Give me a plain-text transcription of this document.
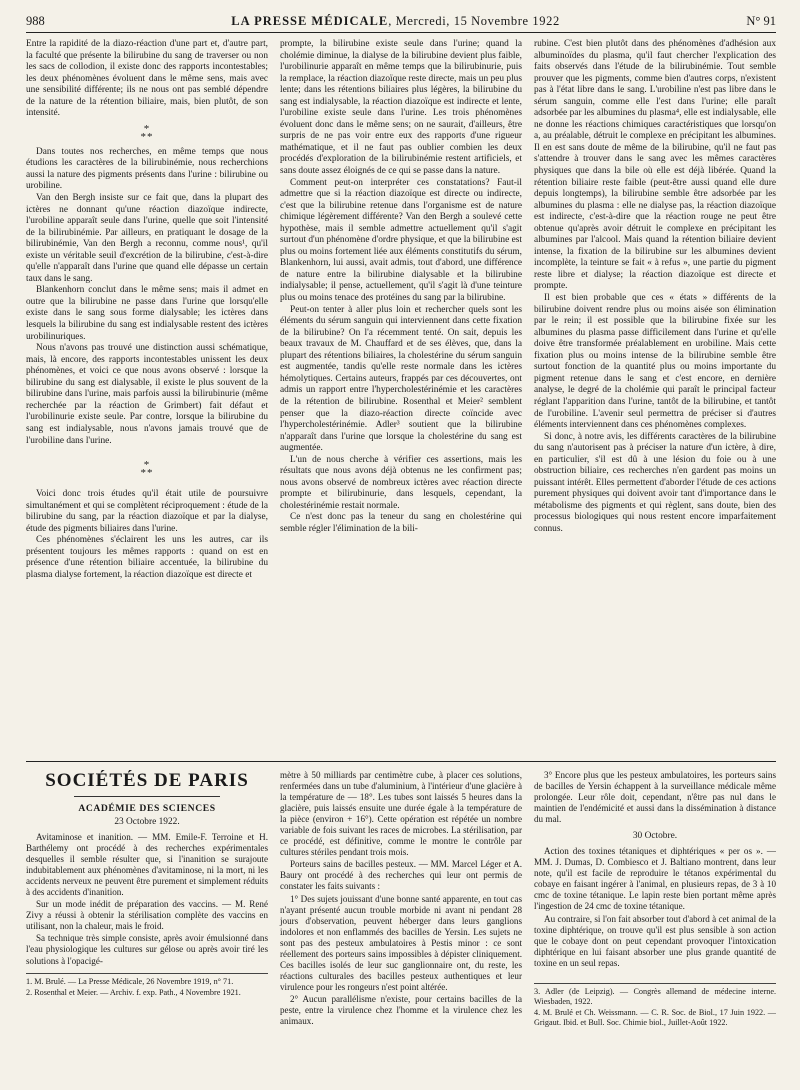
988	LA PRESSE MÉDICALE, Mercredi, 15 Novembre 1922	N° 91

Entre la rapidité de la diazo-réaction d'une part et, d'autre part, la faculté que présente la bilirubine du sang de traverser ou non les sacs de collodion, il existe donc des rapports incontestables; les deux phénomènes évoluent dans le même sens, mais avec une sensibilité différente; ils ne nous ont pas semblé dépendre de la nature de la rétention biliaire, mais, bien plutôt, de son intensité.

*
**

Dans toutes nos recherches, en même temps que nous étudions les caractères de la bilirubinémie, nous recherchions aussi la nature des pigments présents dans l'urine : bilirubine ou urobiline.

Van den Bergh insiste sur ce fait que, dans la plupart des ictères ne donnant qu'une réaction diazoïque indirecte, l'urobiline apparaît seule dans l'urine, quelle que soit l'intensité de la bilirubinémie. Par ailleurs, en pratiquant le dosage de la bilirubinémie, Van den Bergh a reconnu, comme nous¹, qu'il existe un véritable seuil d'excrétion de la bilirubine, c'est-à-dire qu'elle n'apparaît dans l'urine que quand elle dépasse un certain taux dans le sang.

Blankenhorn conclut dans le même sens; mais il admet en outre que la bilirubine ne passe dans l'urine que lorsqu'elle existe dans le sang sous forme dialysable; les ictères dans lesquels la bilirubine du sang est indialysable restent des ictères urobilinuriques.

Nous n'avons pas trouvé une distinction aussi schématique, mais, là encore, des rapports incontestables unissent les deux phénomènes, et voici ce que nous avons observé : lorsque la bilirubine du sang est dialysable, il existe le plus souvent de la bilirubine dans l'urine, mais parfois aussi la bilirubinurie (même recherchée par la réaction de Grimbert) fait défaut et l'urobilinurie existe seule. Par contre, lorsque la bilirubine du sang est indialysable, nous n'avons jamais trouvé que de l'urobiline dans l'urine.

*
**

Voici donc trois études qu'il était utile de poursuivre simultanément et qui se complètent réciproquement : étude de la bilirubine du sang, par la réaction diazoïque et par la dialyse, étude des pigments biliaires dans l'urine.

Ces phénomènes s'éclairent les uns les autres, car ils présentent toujours les mêmes rapports : quand on est en présence d'une rétention biliaire accentuée, la bilirubine du plasma dialyse fortement, la réaction diazoïque est directe et

prompte, la bilirubine existe seule dans l'urine; quand la cholémie diminue, la dialyse de la bilirubine devient plus faible, l'urobilinurie apparaît en même temps que la bilirubinurie, puis la remplace, la réaction diazoïque reste directe, mais un peu plus lente; dans les rétentions biliaires plus légères, la bilirubine du sang est indialysable, la réaction diazoïque est indirecte et lente, l'urobiline existe seule dans l'urine. Les trois phénomènes évoluent donc dans le même sens; on ne saurait, d'ailleurs, être surpris de ne pas voir entre eux des rapports d'une rigueur mathématique, et il ne faut pas oublier combien les deux procédés d'exploration de la bilirubinémie restent artificiels, et sans doute assez éloignés de ce qui se passe dans la nature.

Comment peut-on interpréter ces constatations? Faut-il admettre que si la réaction diazoïque est directe ou indirecte, c'est que la bilirubine retenue dans l'organisme est de nature chimique légèrement différente? Van den Bergh a soulevé cette hypothèse, mais il semble admettre actuellement qu'il s'agit surtout d'un phénomène d'ordre physique, et que la bilirubine est plus ou moins fortement liée aux éléments constitutifs du sérum, Blankenhorn, lui aussi, avait admis, tout d'abord, une différence de nature entre la bilirubine dialysable et la bilirubine indialysable; il pense, actuellement, qu'il s'agit là d'une teinture plus ou moins tenace des protéines du sang par la bilirubine.

Peut-on tenter à aller plus loin et rechercher quels sont les éléments du sérum sanguin qui interviennent dans cette fixation de la bilirubine? On l'a récemment tenté. On sait, depuis les beaux travaux de M. Chauffard et de ses élèves, que, dans la plupart des rétentions biliaires, la cholestérine du sérum sanguin est augmentée, tandis qu'elle reste normale dans les ictères hémolytiques. Certains auteurs, frappés par ces découvertes, ont admis un rapport entre l'hypercholestérinémie et les caractères de la rétention de bilirubine. Rosenthal et Meier² semblent penser que la diazo-réaction directe coïncide avec l'hypercholestérinémie. Adler³ soutient que la bilirubine n'apparaît dans l'urine que lorsque la cholestérine du sang est augmentée.

L'un de nous cherche à vérifier ces assertions, mais les résultats que nous avons déjà obtenus ne les confirment pas; nous avons observé de nombreux ictères avec réaction directe prompte et bilirubinurie, dans lesquels, cependant, la cholestérinémie restait normale.

Ce n'est donc pas la teneur du sang en cholestérine qui semble régler l'élimination de la bili-

rubine. C'est bien plutôt dans des phénomènes d'adhésion aux albuminoïdes du plasma, qu'il faut chercher l'explication des faits observés dans l'étude de la bilirubinémie. Tout semble prouver que les pigments, comme bien d'autres corps, n'existent pas à l'état libre dans le sang. L'urobiline n'est pas libre dans le sérum sanguin, comme elle l'est dans l'urine; elle paraît adsorbée par les albumines du plasma⁴, elle est indialysable, elle ne donne les réactions chimiques caractéristiques que lorsqu'on a, au préalable, détruit le complexe en précipitant les albumines. Il en est sans doute de même de la bilirubine, qu'il ne faut pas s'attendre à trouver dans le sang avec les mêmes caractères physiques que dans la bile où elle est déjà libérée. Quand la rétention biliaire reste faible (peut-être aussi quand elle dure depuis longtemps), la bilirubine semble être adsorbée par les albumines du plasma : elle ne dialyse pas, la réaction diazoïque est indirecte, c'est-à-dire que la réaction rouge ne peut être obtenue qu'après avoir détruit le complexe en précipitant les albumines par l'alcool. Mais quand la rétention biliaire devient intense, la fixation de la bilirubine sur les albumines devient incomplète, la teinture se fait « à refus », une partie du pigment reste libre et dialyse; la réaction diazoïque est directe et prompte.

Il est bien probable que ces « états » différents de la bilirubine doivent rendre plus ou moins aisée son élimination par le rein; il est possible que la bilirubine fixée sur les albumines du plasma passe difficilement dans l'urine et qu'elle doive être transformée préalablement en urobiline. Mais cette fixation plus ou moins intense de la bilirubine semble être surtout fonction de la quantité plus ou moins importante du pigment retenue dans le sang et c'est encore, en dernière analyse, le degré de la cholémie qui paraît le principal facteur réglant l'apparition dans l'urine, tantôt de la bilirubine, et tantôt de l'urobiline. L'avenir seul permettra de préciser si d'autres éléments interviennent dans ces phénomènes complexes.

Si donc, à notre avis, les différents caractères de la bilirubine du sang n'autorisent pas à préciser la nature d'un ictère, à dire, en particulier, s'il est dû à une lésion du foie ou à une obstruction biliaire, ces recherches n'en gardent pas moins un puissant intérêt. Elles permettent d'aborder l'étude de ces actions purement physiques qui doivent avoir tant d'importance dans le métabolisme des pigments et qui règlent, sans doute, bien des processus biologiques qui nous restent encore imparfaitement connus.

SOCIÉTÉS DE PARIS
ACADÉMIE DES SCIENCES
23 Octobre 1922.

Avitaminose et inanition. — MM. Emile-F. Terroine et H. Barthélemy ont procédé à des recherches expérimentales desquelles il semble résulter que, si l'inanition se surajoute indubitablement aux phénomènes d'avitaminose, ni la mort, ni les accidents nerveux ne peuvent être purement et simplement réduits à des accidents d'inanition.

Sur un mode inédit de préparation des vaccins. — M. René Zivy a réussi à obtenir la stérilisation complète des vaccins en utilisant, non la chaleur, mais le froid.

Sa technique très simple consiste, après avoir émulsionné dans l'eau physiologique les cultures sur gélose ou après avoir tiré les solutions à l'opacigé-

1. M. Brulé. — La Presse Médicale, 26 Novembre 1919, n° 71.

2. Rosenthal et Meier. — Archiv. f. exp. Path., 4 Novembre 1921.

mètre à 50 milliards par centimètre cube, à placer ces solutions, renfermées dans un tube d'aluminium, à l'intérieur d'une glacière à la température de — 18°. Les tubes sont laissés 5 heures dans la glacière, puis laissés ensuite une durée égale à la température de la pièce (environ + 16°). Cette opération est répétée un nombre variable de fois suivant les races de microbes. La stérilisation, par ce procédé, est définitive, comme le montre le contrôle par cultures stériles pendant trois mois.

Porteurs sains de bacilles pesteux. — MM. Marcel Léger et A. Baury ont procédé à des recherches qui leur ont permis de constater les faits suivants :

1° Des sujets jouissant d'une bonne santé apparente, en tout cas n'ayant présenté aucun trouble morbide ni avant ni pendant 28 jours d'observation, peuvent héberger dans leurs ganglions indolores et non enflammés des bacilles de Yersin. Les sujets ne sont pas des pesteux ambulatoires à Pestis minor : ce sont réellement des porteurs sains impossibles à dépister cliniquement. Ces bacilles isolés de leur suc ganglionnaire ont, du reste, les réactions culturales des bacilles pesteux authentiques et leur virulence pour les rongeurs n'est point altérée.

2° Aucun parallélisme n'existe, pour certains bacilles de la peste, entre la virulence chez l'homme et la virulence chez les animaux.

3° Encore plus que les pesteux ambulatoires, les porteurs sains de bacilles de Yersin échappent à la surveillance médicale même prolongée. Leur rôle doit, cependant, n'être pas nul dans le maintien de l'endémicité et aussi dans la dissémination à distance du mal.

30 Octobre.

Action des toxines tétaniques et diphtériques « per os ». — MM. J. Dumas, D. Combiesco et J. Baltiano montrent, dans leur note, qu'il est facile de reproduire le tétanos expérimental du cobaye en faisant ingérer à l'animal, en plusieurs repas, de 3 à 10 cmc de toxine tétanique. Le lapin reste bien portant même après l'ingestion de 24 cmc de toxine tétanique.

Au contraire, si l'on fait absorber tout d'abord à cet animal de la toxine diphtérique, on trouve qu'il est plus sensible à son action que le cobaye dont on peut cependant provoquer l'intoxication diphtérique en lui faisant absorber une plus grande quantité de toxine en un seul repas.

3. Adler (de Leipzig). — Congrès allemand de médecine interne. Wiesbaden, 1922.

4. M. Brulé et Ch. Weissmann. — C. R. Soc. de Biol., 17 Juin 1922. — Grigaut. Ibid. et Bull. Soc. Chimie biol., Juillet-Août 1922.
